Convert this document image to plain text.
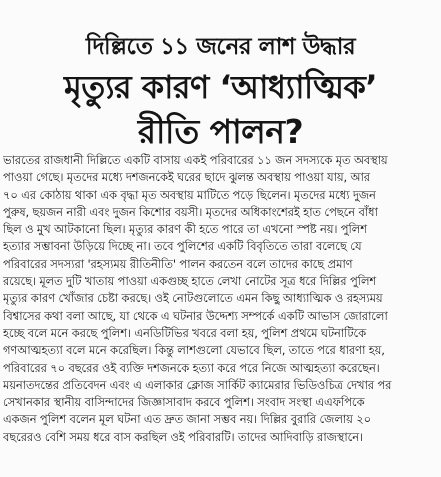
দিল্লিতে ১১ জনের লাশ উদ্ধার
মৃত্যুর কারণ ‘আধ্যাত্মিক’
রীতি পালন?
ভারতের রাজধানী দিল্লিতে একটি বাসায় একই পরিবারের ১১ জন সদস্যকে মৃত অবস্থায়
পাওয়া গেছে। মৃতদের মধ্যে দশজনকেই ঘরের ছাদে ঝুলন্ত অবস্থায় পাওয়া যায়, আর
৭০ এর কোঠায় থাকা এক বৃদ্ধা মৃত অবস্থায় মাটিতে পড়ে ছিলেন। মৃতদের মধ্যে দুজন
পুরুষ, ছয়জন নারী এবং দুজন কিশোর বয়সী। মৃতদের অধিকাংশেরই হাত পেছনে বাঁধা
ছিল ও মুখ আটকানো ছিল। মৃত্যুর কারণ কী হতে পারে তা এখনো স্পষ্ট নয়। পুলিশ
হত্যার সম্ভাবনা উড়িয়ে দিচ্ছে না। তবে পুলিশের একটি বিবৃতিতে তারা বলেছে যে
পরিবারের সদস্যরা 'রহস্যময় রীতিনীতি' পালন করতেন বলে তাদের কাছে প্রমাণ
রয়েছে। মূলত দুটি খাতায় পাওয়া একগুচ্ছ হাতে লেখা নোটের সূত্র ধরে দিল্লির পুলিশ
মৃত্যুর কারণ খোঁজার চেষ্টা করছে। ওই নোটগুলোতে এমন কিছু আধ্যাত্মিক ও রহস্যময়
বিশ্বাসের কথা বলা আছে, যা থেকে এ ঘটনার উদ্দেশ্য সম্পর্কে একটি আভাস জোরালো
হচ্ছে বলে মনে করছে পুলিশ। এনডিটিভির খবরে বলা হয়, পুলিশ প্রথমে ঘটনাটিকে
গণআত্মহত্যা বলে মনে করেছিল। কিন্তু লাশগুলো যেভাবে ছিল, তাতে পরে ধারণা হয়,
পরিবারের ৭০ বছরের ওই ব্যক্তি দশজনকে হত্যা করে পরে নিজে আত্মহত্যা করেছেন।
ময়নাতদন্তের প্রতিবেদন এবং এ এলাকার ক্লোজ সার্কিট ক্যামেরার ভিডিওচিত্র দেখার পর
সেখানকার স্থানীয় বাসিন্দাদের জিজ্ঞাসাবাদ করবে পুলিশ। সংবাদ সংস্থা এএফপিকে
একজন পুলিশ বলেন মূল ঘটনা এত দ্রুত জানা সম্ভব নয়। দিল্লির বুরারি জেলায় ২০
বছরেরও বেশি সময় ধরে বাস করছিল ওই পরিবারটি। তাদের আদিবাড়ি রাজস্থানে।
